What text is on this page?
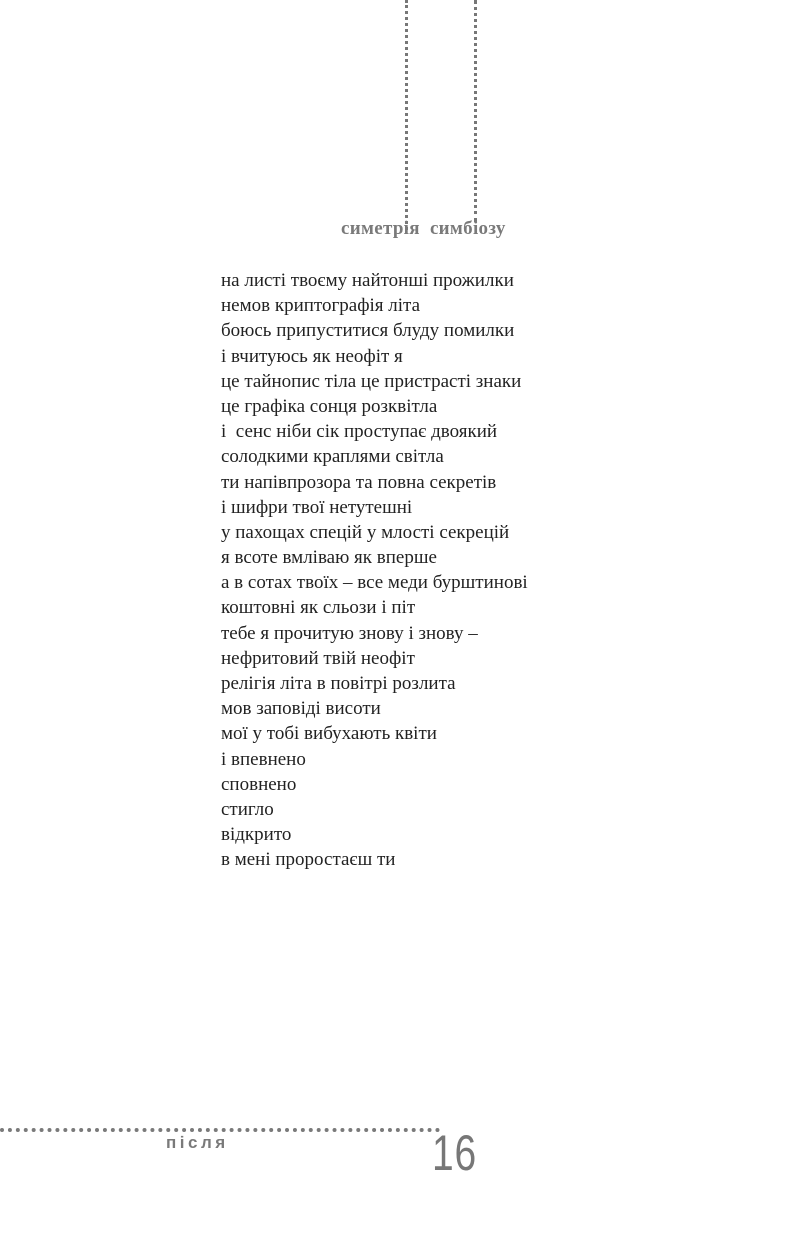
симетрія  симбіозу
на листі твоєму найтонші прожилки
немов криптографія літа
боюсь припуститися блуду помилки
і вчитуюсь як неофіт я
це тайнопис тіла це пристрасті знаки
це графіка сонця розквітла
і  сенс ніби сік проступає двоякий
солодкими краплями світла
ти напівпрозора та повна секретів
і шифри твої нетутешні
у пахощах спецій у млості секрецій
я всоте вмліваю як вперше
а в сотах твоїх – все меди бурштинові
коштовні як сльози і піт
тебе я прочитую знову і знову –
нефритовий твій неофіт
релігія літа в повітрі розлита
мов заповіді висоти
мої у тобі вибухають квіти
і впевнено
сповнено
стигло
відкрито
в мені проростаєш ти
після	16
